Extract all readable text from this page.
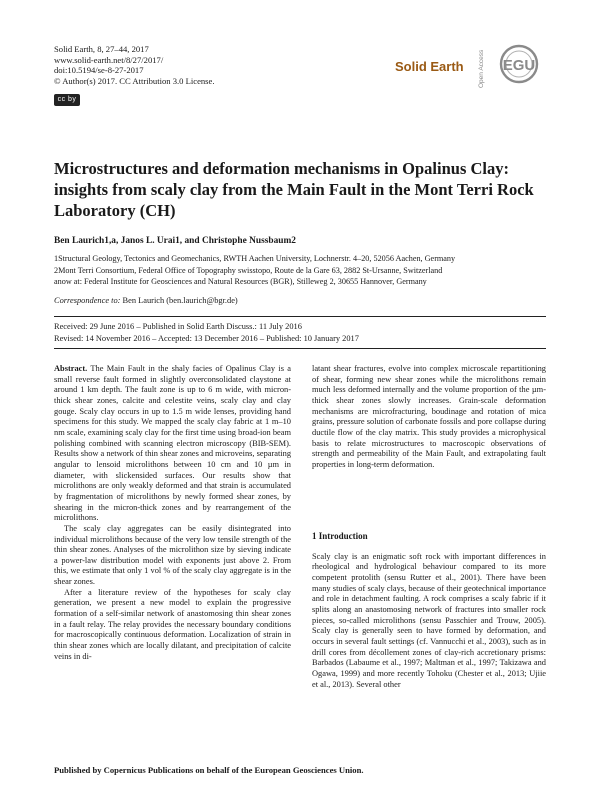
Solid Earth, 8, 27–44, 2017
www.solid-earth.net/8/27/2017/
doi:10.5194/se-8-27-2017
© Author(s) 2017. CC Attribution 3.0 License.
cc by
Solid Earth Open Access EGU
Microstructures and deformation mechanisms in Opalinus Clay: insights from scaly clay from the Main Fault in the Mont Terri Rock Laboratory (CH)
Ben Laurich1,a, Janos L. Urai1, and Christophe Nussbaum2
1Structural Geology, Tectonics and Geomechanics, RWTH Aachen University, Lochnerstr. 4–20, 52056 Aachen, Germany
2Mont Terri Consortium, Federal Office of Topography swisstopo, Route de la Gare 63, 2882 St-Ursanne, Switzerland
anow at: Federal Institute for Geosciences and Natural Resources (BGR), Stilleweg 2, 30655 Hannover, Germany
Correspondence to: Ben Laurich (ben.laurich@bgr.de)
Received: 29 June 2016 – Published in Solid Earth Discuss.: 11 July 2016
Revised: 14 November 2016 – Accepted: 13 December 2016 – Published: 10 January 2017

Abstract. The Main Fault in the shaly facies of Opalinus Clay is a small reverse fault formed in slightly overconsolidated claystone at around 1 km depth. The fault zone is up to 6 m wide, with micron-thick shear zones, calcite and celestite veins, scaly clay and clay gouge. Scaly clay occurs in up to 1.5 m wide lenses, providing hand specimens for this study. We mapped the scaly clay fabric at 1 m–10 nm scale, examining scaly clay for the first time using broad-ion beam polishing combined with scanning electron microscopy (BIB-SEM). Results show a network of thin shear zones and microveins, separating angular to lensoid microlithons between 10 cm and 10 µm in diameter, with slickensided surfaces. Our results show that microlithons are only weakly deformed and that strain is accumulated by fragmentation of microlithons by newly formed shear zones, by shearing in the micron-thick zones and by rearrangement of the microlithons.

The scaly clay aggregates can be easily disintegrated into individual microlithons because of the very low tensile strength of the thin shear zones. Analyses of the microlithon size by sieving indicate a power-law distribution model with exponents just above 2. From this, we estimate that only 1 vol % of the scaly clay aggregate is in the shear zones.

After a literature review of the hypotheses for scaly clay generation, we present a new model to explain the progressive formation of a self-similar network of anastomosing thin shear zones in a fault relay. The relay provides the necessary boundary conditions for macroscopically continuous deformation. Localization of strain in thin shear zones which are locally dilatant, and precipitation of calcite veins in di-

latant shear fractures, evolve into complex microscale repartitioning of shear, forming new shear zones while the microlithons remain much less deformed internally and the volume proportion of the µm-thick shear zones slowly increases. Grain-scale deformation mechanisms are microfracturing, boudinage and rotation of mica grains, pressure solution of carbonate fossils and pore collapse during ductile flow of the clay matrix. This study provides a microphysical basis to relate microstructures to macroscopic observations of strength and permeability of the Main Fault, and extrapolating fault properties in long-term deformation.

1 Introduction

Scaly clay is an enigmatic soft rock with important differences in rheological and hydrological behaviour compared to its more competent protolith (sensu Rutter et al., 2001). There have been many studies of scaly clays, because of their geotechnical importance and role in detachment faulting. A rock comprises a scaly fabric if it splits along an anastomosing network of fractures into smaller rock pieces, so-called microlithons (sensu Passchier and Trouw, 2005). Scaly clay is generally seen to have formed by deformation, and occurs in several fault settings (cf. Vannucchi et al., 2003), such as in drill cores from décollement zones of clay-rich accretionary prisms: Barbados (Labaume et al., 1997; Maltman et al., 1997; Takizawa and Ogawa, 1999) and more recently Tohoku (Chester et al., 2013; Ujiie et al., 2013). Several other

Published by Copernicus Publications on behalf of the European Geosciences Union.
